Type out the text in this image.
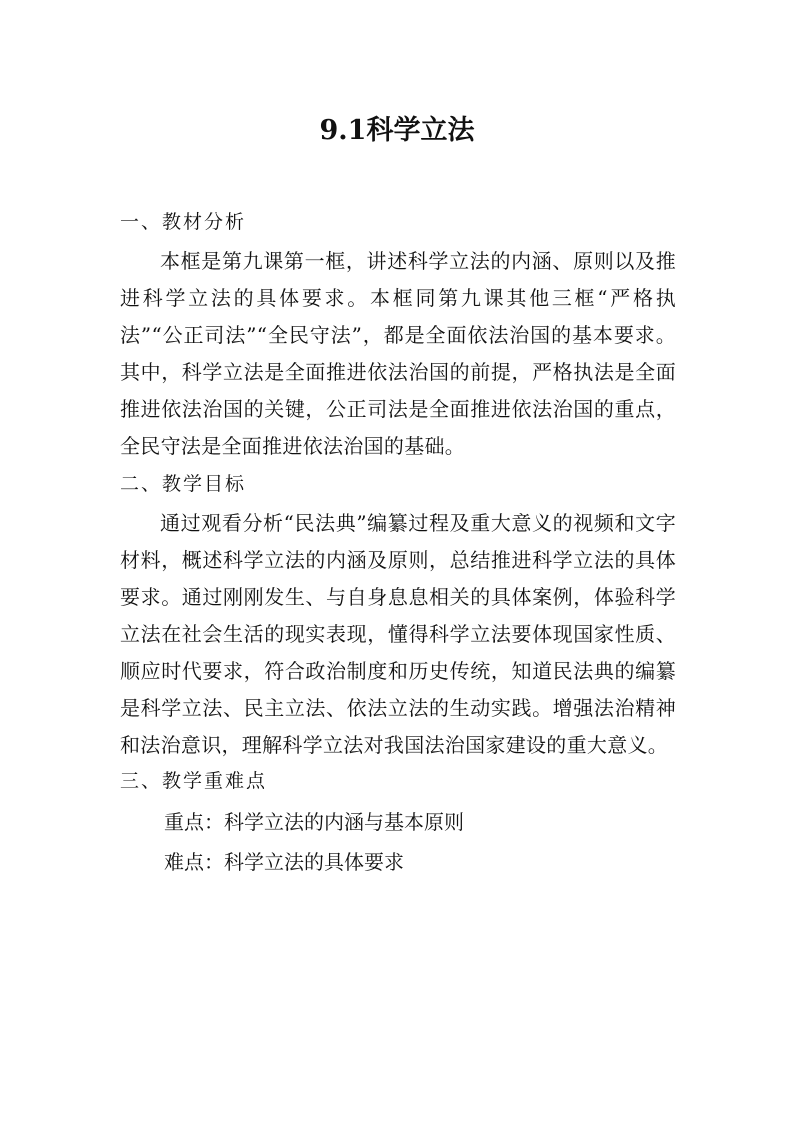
9.1科学立法
一、教材分析

本框是第九课第一框，讲述科学立法的内涵、原则以及推进科学立法的具体要求。本框同第九课其他三框“严格执法”“公正司法”“全民守法”，都是全面依法治国的基本要求。其中，科学立法是全面推进依法治国的前提，严格执法是全面推进依法治国的关键，公正司法是全面推进依法治国的重点，全民守法是全面推进依法治国的基础。

二、教学目标

通过观看分析“民法典”编纂过程及重大意义的视频和文字材料，概述科学立法的内涵及原则，总结推进科学立法的具体要求。通过刚刚发生、与自身息息相关的具体案例，体验科学立法在社会生活的现实表现，懂得科学立法要体现国家性质、顺应时代要求，符合政治制度和历史传统，知道民法典的编纂是科学立法、民主立法、依法立法的生动实践。增强法治精神和法治意识，理解科学立法对我国法治国家建设的重大意义。

三、教学重难点
重点：科学立法的内涵与基本原则
难点：科学立法的具体要求
